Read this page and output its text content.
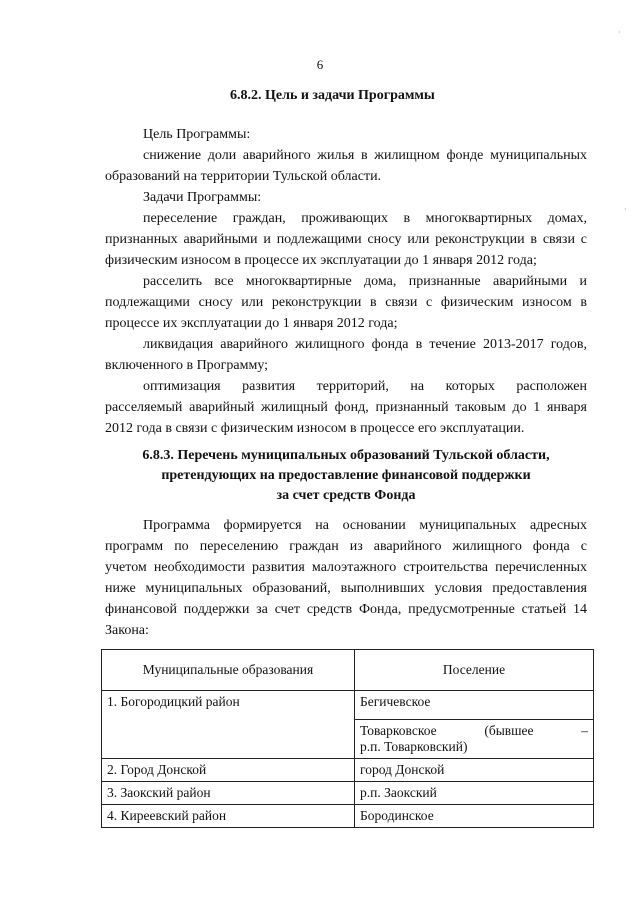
6
6.8.2. Цель и задачи Программы
Цель Программы:
снижение доли аварийного жилья в жилищном фонде муниципальных
образований на территории Тульской области.
Задачи Программы:
переселение граждан, проживающих в многоквартирных домах,
признанных аварийными и подлежащими сносу или реконструкции в связи с
физическим износом в процессе их эксплуатации до 1 января 2012 года;
расселить все многоквартирные дома, признанные аварийными и
подлежащими сносу или реконструкции в связи с физическим износом в
процессе их эксплуатации до 1 января 2012 года;
ликвидация аварийного жилищного фонда в течение 2013-2017 годов,
включенного в Программу;
оптимизация развития территорий, на которых расположен
расселяемый аварийный жилищный фонд, признанный таковым до 1 января
2012 года в связи с физическим износом в процессе его эксплуатации.
6.8.3. Перечень муниципальных образований Тульской области,
претендующих на предоставление финансовой поддержки
за счет средств Фонда
Программа формируется на основании муниципальных адресных
программ по переселению граждан из аварийного жилищного фонда с
учетом необходимости развития малоэтажного строительства перечисленных
ниже муниципальных образований, выполнивших условия предоставления
финансовой поддержки за счет средств Фонда, предусмотренные статьей 14
Закона:
Муниципальные образования	Поселение
1. Богородицкий район	Бегичевское

	Товарковское (бывшее –
р.п. Товарковский)

2. Город Донской	город Донской
3. Заокский район	р.п. Заокский
4. Киреевский район	Бородинское
·
·
